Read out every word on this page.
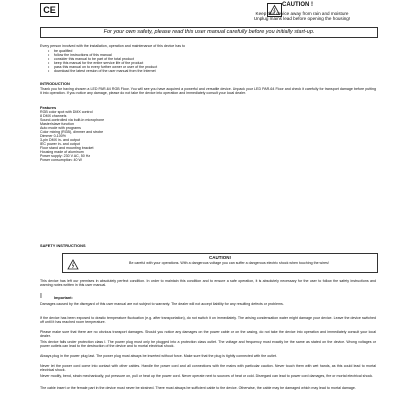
CE	CAUTION !
Keep this device away from rain and moisture
Unplug mains lead before opening the housing!
For your own safety, please read this user manual carefully before you initially start-up.
Every person involved with the installation, operation and maintenance of this device has to
• be qualified
• follow the instructions of this manual
• consider this manual to be part of the total product
• keep this manual for the entire service life of the product
• pass this manual on to every further owner or user of the product
• download the latest version of the user manual from the Internet
INTRODUCTION
Thank you for having chosen a LED PAR-64 RGB Floor. You will see you have acquired a powerful and versatile device. Unpack your LED PAR-64 Floor and check it carefully for transport damage before putting it into operation. If you notice any damage, please do not take the device into operation and immediately consult your local dealer.
Features
RGB color spot with DMX control
8 DMX channels
Sound-controlled via built-in microphone
Master/slave function
Auto mode with programs
Color mixing (RGB), dimmer and strobe
Dimmer 0-100%
3-pin DMX in- and output
IEC power in- and output
Floor stand and mounting bracket
Housing made of aluminum
Power supply: 230 V AC, 50 Hz
Power consumption: 40 W
SAFETY INSTRUCTIONS
CAUTION!
Be careful with your operations. With a dangerous voltage you can suffer a dangerous electric shock when touching the wires!
This device has left our premises in absolutely perfect condition. In order to maintain this condition and to ensure a safe operation, it is absolutely necessary for the user to follow the safety instructions and warning notes written in this user manual.
I	Important:
Damages caused by the disregard of this user manual are not subject to warranty. The dealer will not accept liability for any resulting defects or problems.
If the device has been exposed to drastic temperature fluctuation (e.g. after transportation), do not switch it on immediately. The arising condensation water might damage your device. Leave the device switched off until it has reached room temperature.
Please make sure that there are no obvious transport damages. Should you notice any damages on the power cable or on the casing, do not take the device into operation and immediately consult your local dealer.
This device falls under protection class I. The power plug must only be plugged into a protection class outlet. The voltage and frequency must exactly be the same as stated on the device. Wrong voltages or power outlets can lead to the destruction of the device and to mortal electrical shock.
Always plug in the power plug last. The power plug must always be inserted without force. Make sure that the plug is tightly connected with the outlet.
Never let the power cord come into contact with other cables. Handle the power cord and all connections with the mains with particular caution. Never touch them with wet hands, as this could lead to mortal electrical shock.
Never modify, bend, strain mechanically, put pressure on, pull or heat up the power cord. Never operate next to sources of heat or cold. Disregard can lead to power cord damages, fire or mortal electrical shock.
The cable insert or the female part in the device must never be strained. There must always be sufficient cable to the device. Otherwise, the cable may be damaged which may lead to mortal damage.
